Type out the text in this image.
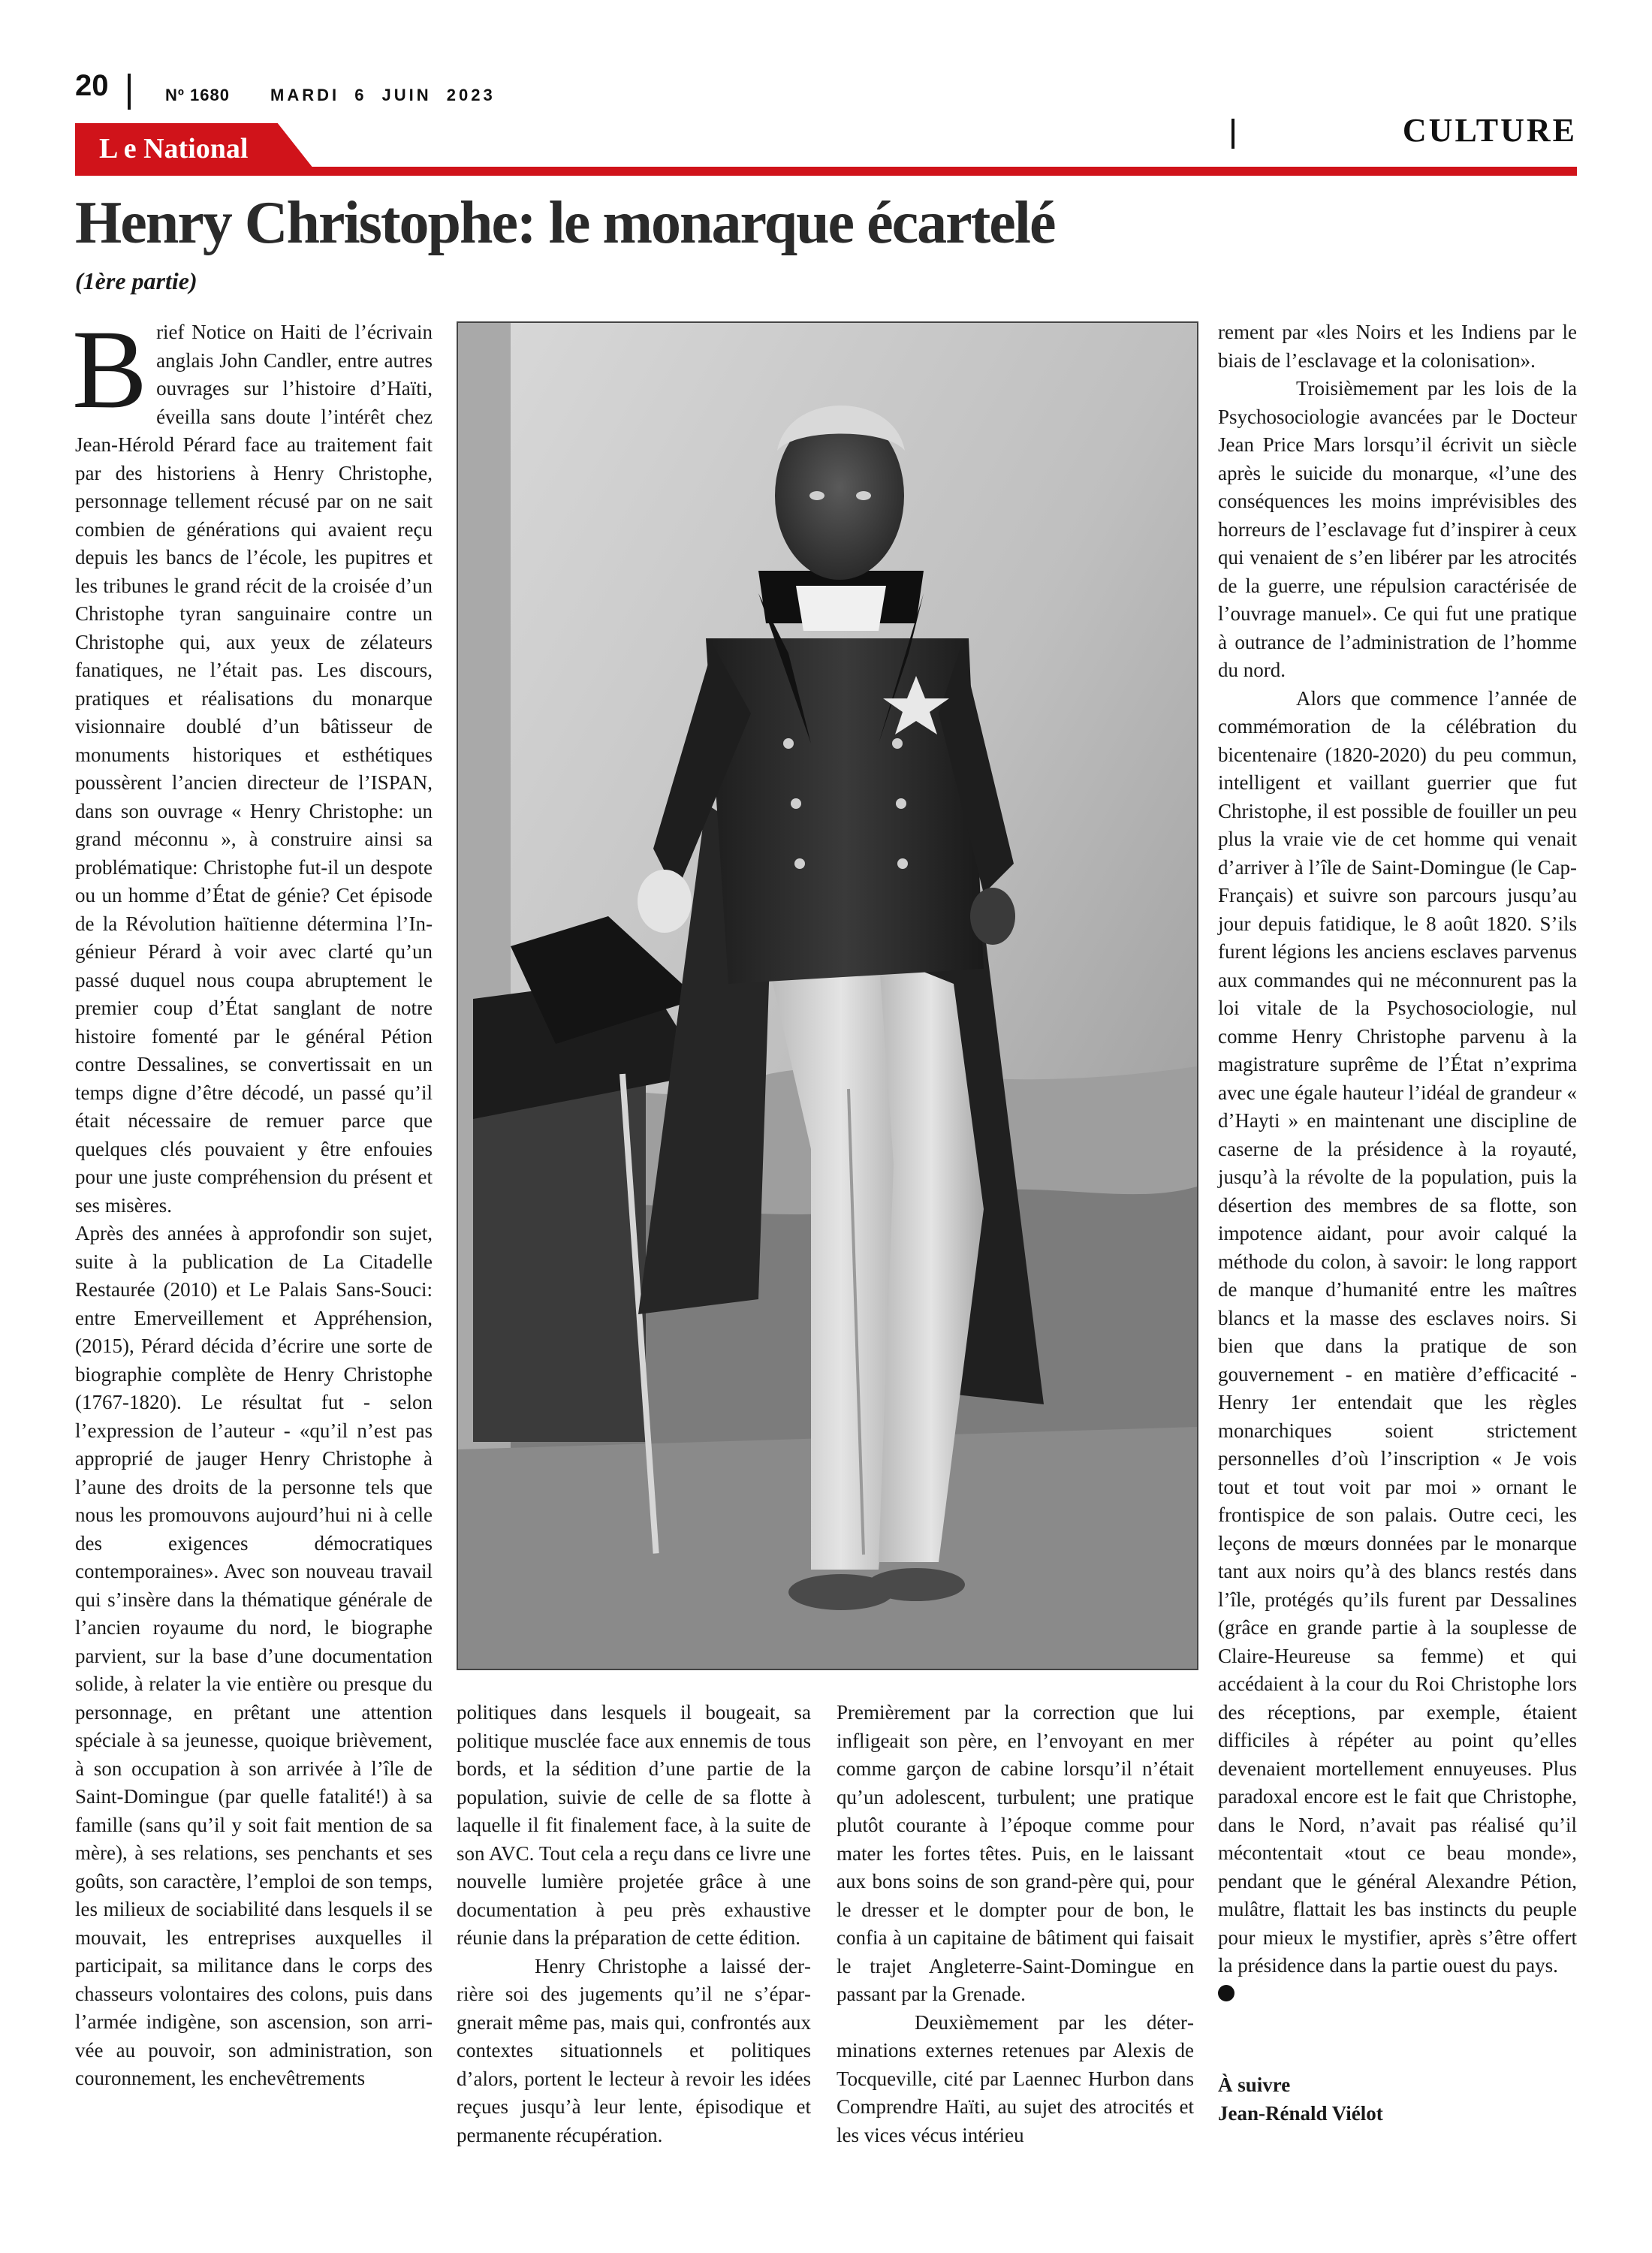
20	Nº 1680 MARDI 6 JUIN 2023
CULTURE
L e National
Henry Christophe: le monarque écartelé
(1ère partie)

Brief Notice on Haiti de l’écrivain anglais John Candler, entre autres ouvrages sur l’histoire d’Haïti, éveilla sans doute l’intérêt chez Jean-Hérold Pérard face au traitement fait par des historiens à Henry Christophe, personnage tellement récusé par on ne sait combien de générations qui avaient reçu depuis les bancs de l’école, les pupitres et les tribunes le grand récit de la croisée d’un Christophe tyran sanguinaire contre un Christophe qui, aux yeux de zélateurs fanatiques, ne l’était pas. Les discours, pratiques et réalisations du monarque visionnaire doublé d’un bâtisseur de monuments historiques et esthétiques poussèrent l’ancien directeur de l’ISPAN, dans son ouvrage « Henry Christophe: un grand méconnu », à construire ainsi sa problématique: Christophe fut-il un despote ou un homme d’État de génie? Cet épisode de la Révolution haïtienne détermina l’Ingénieur Pérard à voir avec clarté qu’un passé duquel nous coupa abruptement le premier coup d’État sanglant de notre histoire fomenté par le général Pétion contre Dessalines, se convertissait en un temps digne d’être décodé, un passé qu’il était nécessaire de remuer parce que quelques clés pouvaient y être enfouies pour une juste compréhension du présent et ses misères.

Après des années à approfondir son sujet, suite à la publication de La Citadelle Restaurée (2010) et Le Palais Sans-Souci: entre Emerveillement et Appréhension, (2015), Pérard décida d’écrire une sorte de biographie complète de Henry Christophe (1767-1820). Le résultat fut - selon l’expression de l’auteur - «qu’il n’est pas approprié de jauger Henry Christophe à l’aune des droits de la personne tels que nous les promouvons aujourd’hui ni à celle des exigences démocratiques contemporaines». Avec son nouveau travail qui s’insère dans la thématique générale de l’ancien royaume du nord, le biographe parvient, sur la base d’une documentation solide, à relater la vie entière ou presque du personnage, en prêtant une attention spéciale à sa jeunesse, quoique brièvement, à son occupation à son arrivée à l’île de Saint-Domingue (par quelle fatalité!) à sa famille (sans qu’il y soit fait mention de sa mère), à ses relations, ses penchants et ses goûts, son caractère, l’emploi de son temps, les milieux de sociabilité dans lesquels il se mouvait, les entreprises auxquelles il participait, sa militance dans le corps des chasseurs volontaires des colons, puis dans l’armée indigène, son ascension, son arrivée au pouvoir, son administration, son couronnement, les enchevêtrements

politiques dans lesquels il bougeait, sa politique musclée face aux ennemis de tous bords, et la sédition d’une partie de la population, suivie de celle de sa flotte à laquelle il fit finalement face, à la suite de son AVC. Tout cela a reçu dans ce livre une nouvelle lumière projetée grâce à une documentation à peu près exhaustive réunie dans la préparation de cette édition.

Henry Christophe a laissé derrière soi des jugements qu’il ne s’épargnerait même pas, mais qui, confrontés aux contextes situationnels et politiques d’alors, portent le lecteur à revoir les idées reçues jusqu’à leur lente, épisodique et permanente récupération.

Premièrement par la correction que lui infligeait son père, en l’envoyant en mer comme garçon de cabine lorsqu’il n’était qu’un adolescent, turbulent; une pratique plutôt courante à l’époque comme pour mater les fortes têtes. Puis, en le laissant aux bons soins de son grand-père qui, pour le dresser et le dompter pour de bon, le confia à un capitaine de bâtiment qui faisait le trajet Angleterre-Saint-Domingue en passant par la Grenade.

Deuxièmement par les déterminations externes retenues par Alexis de Tocqueville, cité par Laennec Hurbon dans Comprendre Haïti, au sujet des atrocités et les vices vécus intérieu

rement par «les Noirs et les Indiens par le biais de l’esclavage et la colonisation».

Troisièmement par les lois de la Psychosociologie avancées par le Docteur Jean Price Mars lorsqu’il écrivit un siècle après le suicide du monarque, «l’une des conséquences les moins imprévisibles des horreurs de l’esclavage fut d’inspirer à ceux qui venaient de s’en libérer par les atrocités de la guerre, une répulsion caractérisée de l’ouvrage manuel». Ce qui fut une pratique à outrance de l’administration de l’homme du nord.

Alors que commence l’année de commémoration de la célébration du bicentenaire (1820-2020) du peu commun, intelligent et vaillant guerrier que fut Christophe, il est possible de fouiller un peu plus la vraie vie de cet homme qui venait d’arriver à l’île de Saint-Domingue (le Cap-Français) et suivre son parcours jusqu’au jour depuis fatidique, le 8 août 1820. S’ils furent légions les anciens esclaves parvenus aux commandes qui ne méconnurent pas la loi vitale de la Psychosociologie, nul comme Henry Christophe parvenu à la magistrature suprême de l’État n’exprima avec une égale hauteur l’idéal de grandeur « d’Hayti » en maintenant une discipline de caserne de la présidence à la royauté, jusqu’à la révolte de la population, puis la désertion des membres de sa flotte, son impotence aidant, pour avoir calqué la méthode du colon, à savoir: le long rapport de manque d’humanité entre les maîtres blancs et la masse des esclaves noirs. Si bien que dans la pratique de son gouvernement - en matière d’efficacité - Henry 1er entendait que les règles monarchiques soient strictement personnelles d’où l’inscription « Je vois tout et tout voit par moi » ornant le frontispice de son palais. Outre ceci, les leçons de mœurs données par le monarque tant aux noirs qu’à des blancs restés dans l’île, protégés qu’ils furent par Dessalines (grâce en grande partie à la souplesse de Claire-Heureuse sa femme) et qui accédaient à la cour du Roi Christophe lors des réceptions, par exemple, étaient difficiles à répéter au point qu’elles devenaient mortellement ennuyeuses. Plus paradoxal encore est le fait que Christophe, dans le Nord, n’avait pas réalisé qu’il mécontentait «tout ce beau monde», pendant que le général Alexandre Pétion, mulâtre, flattait les bas instincts du peuple pour mieux le mystifier, après s’être offert la présidence dans la partie ouest du pays.

À suivre
Jean-Rénald Viélot
